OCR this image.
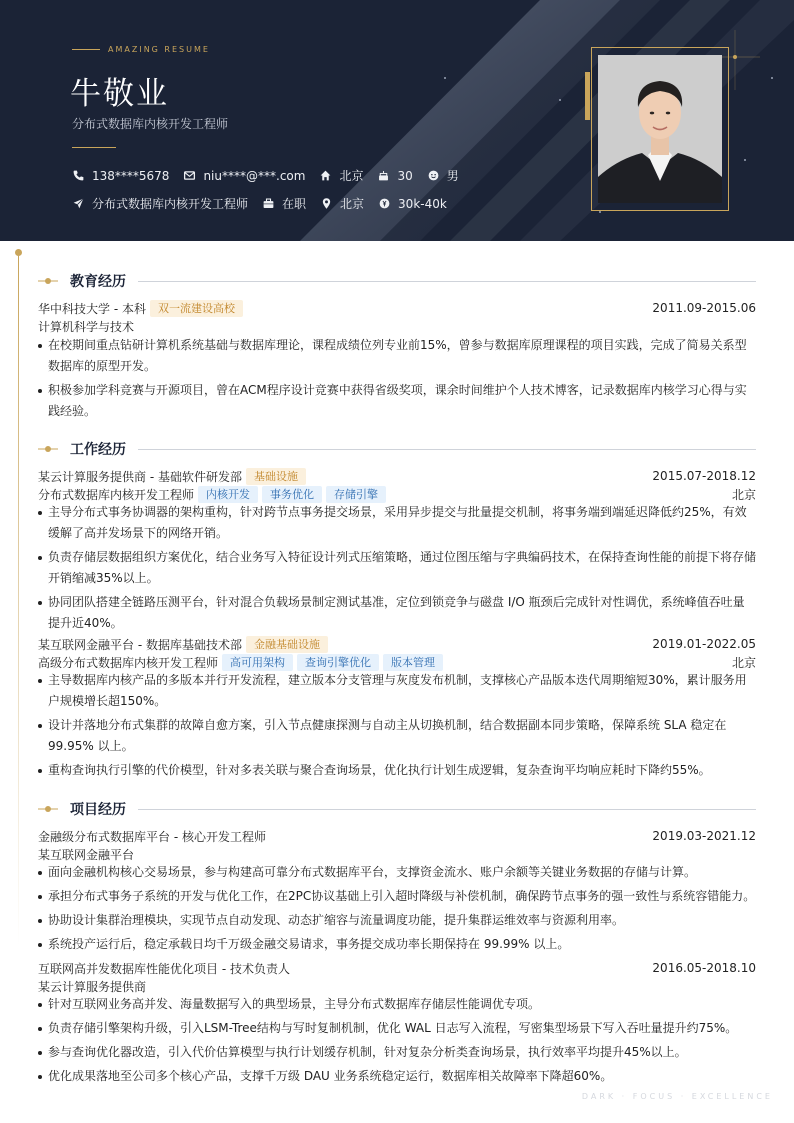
AMAZING RESUME
牛敬业
分布式数据库内核开发工程师
138****5678	niu****@***.com	北京	30	男
分布式数据库内核开发工程师	在职	北京	30k-40k
教育经历
华中科技大学 - 本科	双一流建设高校	2011.09-2015.06
计算机科学与技术
在校期间重点钻研计算机系统基础与数据库理论，课程成绩位列专业前15%，曾参与数据库原理课程的项目实践，完成了简易关系型数据库的原型开发。
积极参加学科竞赛与开源项目，曾在ACM程序设计竞赛中获得省级奖项，课余时间维护个人技术博客，记录数据库内核学习心得与实践经验。
工作经历
某云计算服务提供商 - 基础软件研发部	基础设施	2015.07-2018.12
分布式数据库内核开发工程师	内核开发	事务优化	存储引擎	北京
主导分布式事务协调器的架构重构，针对跨节点事务提交场景，采用异步提交与批量提交机制，将事务端到端延迟降低约25%，有效缓解了高并发场景下的网络开销。
负责存储层数据组织方案优化，结合业务写入特征设计列式压缩策略，通过位图压缩与字典编码技术，在保持查询性能的前提下将存储开销缩减35%以上。
协同团队搭建全链路压测平台，针对混合负载场景制定测试基准，定位到锁竞争与磁盘 I/O 瓶颈后完成针对性调优，系统峰值吞吐量提升近40%。
某互联网金融平台 - 数据库基础技术部	金融基础设施	2019.01-2022.05
高级分布式数据库内核开发工程师	高可用架构	查询引擎优化	版本管理	北京
主导数据库内核产品的多版本并行开发流程，建立版本分支管理与灰度发布机制，支撑核心产品版本迭代周期缩短30%，累计服务用户规模增长超150%。
设计并落地分布式集群的故障自愈方案，引入节点健康探测与自动主从切换机制，结合数据副本同步策略，保障系统 SLA 稳定在 99.95% 以上。
重构查询执行引擎的代价模型，针对多表关联与聚合查询场景，优化执行计划生成逻辑，复杂查询平均响应耗时下降约55%。
项目经历
金融级分布式数据库平台 - 核心开发工程师	2019.03-2021.12
某互联网金融平台
面向金融机构核心交易场景，参与构建高可靠分布式数据库平台，支撑资金流水、账户余额等关键业务数据的存储与计算。
承担分布式事务子系统的开发与优化工作，在2PC协议基础上引入超时降级与补偿机制，确保跨节点事务的强一致性与系统容错能力。
协助设计集群治理模块，实现节点自动发现、动态扩缩容与流量调度功能，提升集群运维效率与资源利用率。
系统投产运行后，稳定承载日均千万级金融交易请求，事务提交成功率长期保持在 99.99% 以上。
互联网高并发数据库性能优化项目 - 技术负责人	2016.05-2018.10
某云计算服务提供商
针对互联网业务高并发、海量数据写入的典型场景，主导分布式数据库存储层性能调优专项。
负责存储引擎架构升级，引入LSM-Tree结构与写时复制机制，优化 WAL 日志写入流程，写密集型场景下写入吞吐量提升约75%。
参与查询优化器改造，引入代价估算模型与执行计划缓存机制，针对复杂分析类查询场景，执行效率平均提升45%以上。
优化成果落地至公司多个核心产品，支撑千万级 DAU 业务系统稳定运行，数据库相关故障率下降超60%。
DARK · FOCUS · EXCELLENCE
